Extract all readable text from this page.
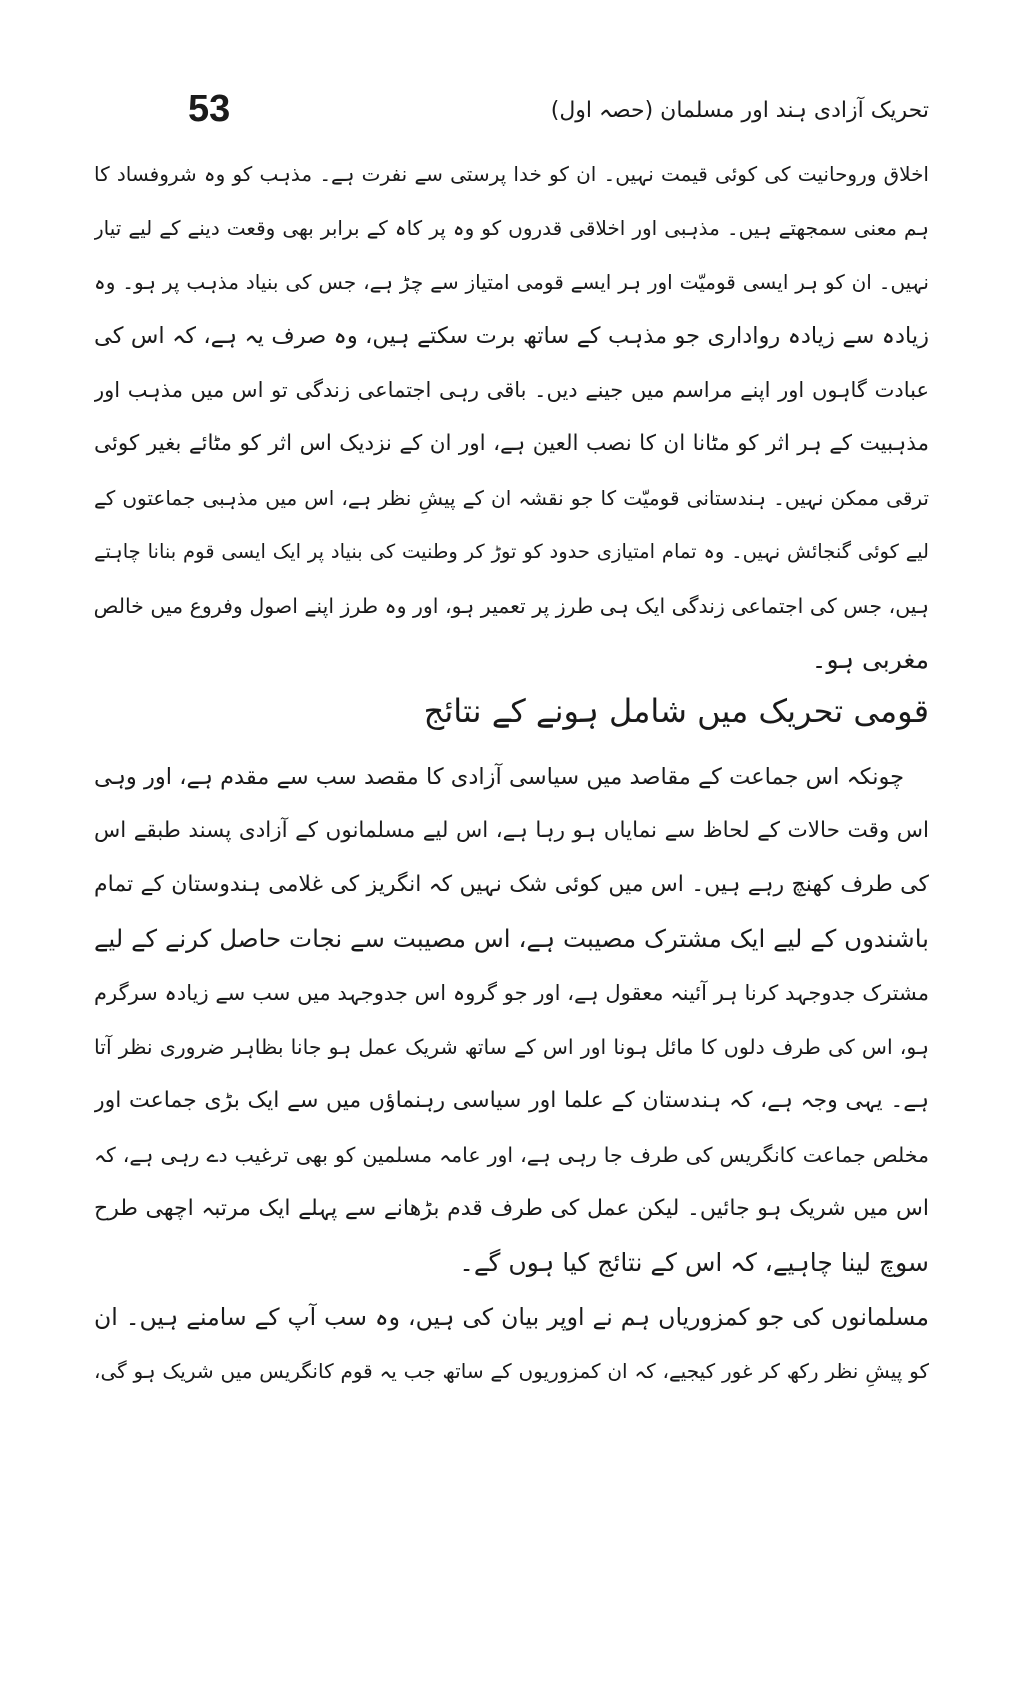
53	تحریک آزادی ہند اور مسلمان (حصہ اول)
اخلاق وروحانیت کی کوئی قیمت نہیں۔ ان کو خدا پرستی سے نفرت ہے۔ مذہب کو وہ شروفساد کا
ہم معنی سمجھتے ہیں۔ مذہبی اور اخلاقی قدروں کو وہ پر کاہ کے برابر بھی وقعت دینے کے لیے تیار
نہیں۔ ان کو ہر ایسی قومیّت اور ہر ایسے قومی امتیاز سے چڑ ہے، جس کی بنیاد مذہب پر ہو۔ وہ
زیادہ سے زیادہ رواداری جو مذہب کے ساتھ برت سکتے ہیں، وہ صرف یہ ہے، کہ اس کی
عبادت گاہوں اور اپنے مراسم میں جینے دیں۔ باقی رہی اجتماعی زندگی تو اس میں مذہب اور
مذہبیت کے ہر اثر کو مٹانا ان کا نصب العین ہے، اور ان کے نزدیک اس اثر کو مٹائے بغیر کوئی
ترقی ممکن نہیں۔ ہندستانی قومیّت کا جو نقشہ ان کے پیشِ نظر ہے، اس میں مذہبی جماعتوں کے
لیے کوئی گنجائش نہیں۔ وہ تمام امتیازی حدود کو توڑ کر وطنیت کی بنیاد پر ایک ایسی قوم بنانا چاہتے
ہیں، جس کی اجتماعی زندگی ایک ہی طرز پر تعمیر ہو، اور وہ طرز اپنے اصول وفروع میں خالص
مغربی ہو۔
قومی تحریک میں شامل ہونے کے نتائج
چونکہ اس جماعت کے مقاصد میں سیاسی آزادی کا مقصد سب سے مقدم ہے، اور وہی
اس وقت حالات کے لحاظ سے نمایاں ہو رہا ہے، اس لیے مسلمانوں کے آزادی پسند طبقے اس
کی طرف کھنچ رہے ہیں۔ اس میں کوئی شک نہیں کہ انگریز کی غلامی ہندوستان کے تمام
باشندوں کے لیے ایک مشترک مصیبت ہے، اس مصیبت سے نجات حاصل کرنے کے لیے
مشترک جدوجہد کرنا ہر آئینہ معقول ہے، اور جو گروہ اس جدوجہد میں سب سے زیادہ سرگرم
ہو، اس کی طرف دلوں کا مائل ہونا اور اس کے ساتھ شریک عمل ہو جانا بظاہر ضروری نظر آتا
ہے۔ یہی وجہ ہے، کہ ہندستان کے علما اور سیاسی رہنماؤں میں سے ایک بڑی جماعت اور
مخلص جماعت کانگریس کی طرف جا رہی ہے، اور عامہ مسلمین کو بھی ترغیب دے رہی ہے، کہ
اس میں شریک ہو جائیں۔ لیکن عمل کی طرف قدم بڑھانے سے پہلے ایک مرتبہ اچھی طرح
سوچ لینا چاہیے، کہ اس کے نتائج کیا ہوں گے۔
مسلمانوں کی جو کمزوریاں ہم نے اوپر بیان کی ہیں، وہ سب آپ کے سامنے ہیں۔ ان
کو پیشِ نظر رکھ کر غور کیجیے، کہ ان کمزوریوں کے ساتھ جب یہ قوم کانگریس میں شریک ہو گی،
